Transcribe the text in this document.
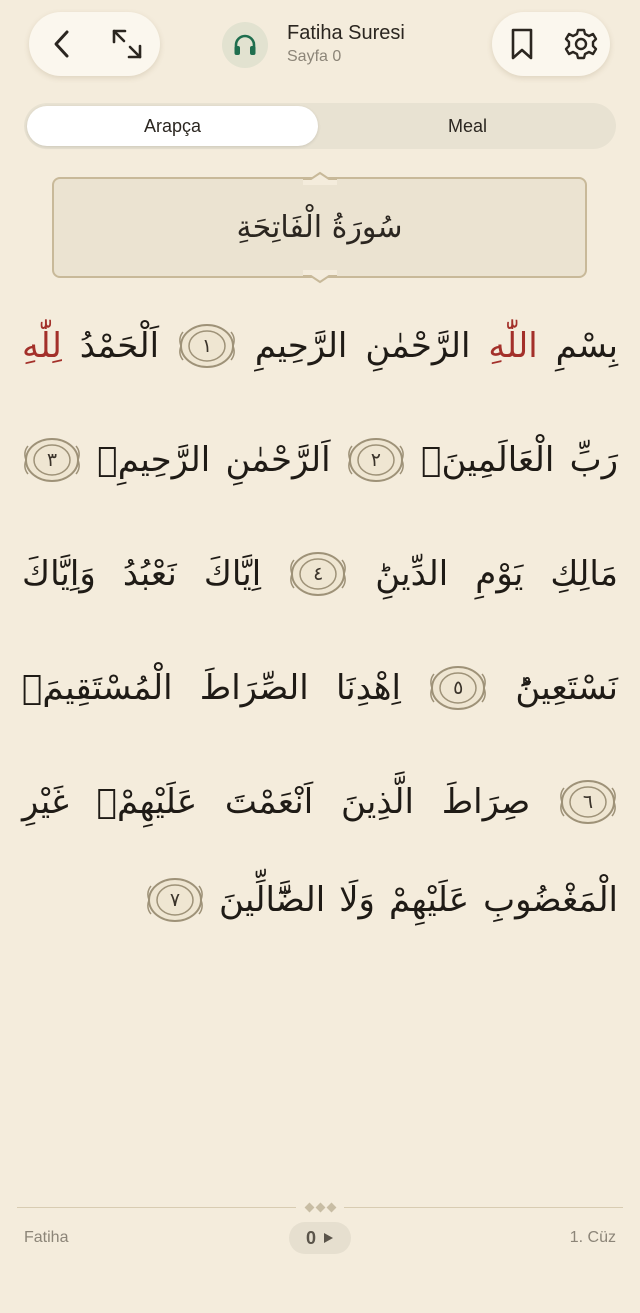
Fatiha Suresi
Sayfa 0
Arapça	Meal
سُورَةُ الْفَاتِحَةِ
بِسْمِ
اللّٰهِ
الرَّحْمٰنِ
الرَّحِيمِ
١
اَلْحَمْدُ
لِلّٰهِ
رَبِّ
الْعَالَمِينَۙ
٢
اَلرَّحْمٰنِ
الرَّحِيمِۙ
٣
مَالِكِ
يَوْمِ
الدِّينِؕ
٤
اِيَّاكَ
نَعْبُدُ
وَاِيَّاكَ
نَسْتَعِينُؕ
٥
اِهْدِنَا
الصِّرَاطَ
الْمُسْتَقِيمَۙ
٦
صِرَاطَ
الَّذِينَ
اَنْعَمْتَ
عَلَيْهِمْۙ
غَيْرِ
الْمَغْضُوبِ
عَلَيْهِمْ
وَلَا
الضَّٓالِّينَ
٧
Fatiha	0	1. Cüz
